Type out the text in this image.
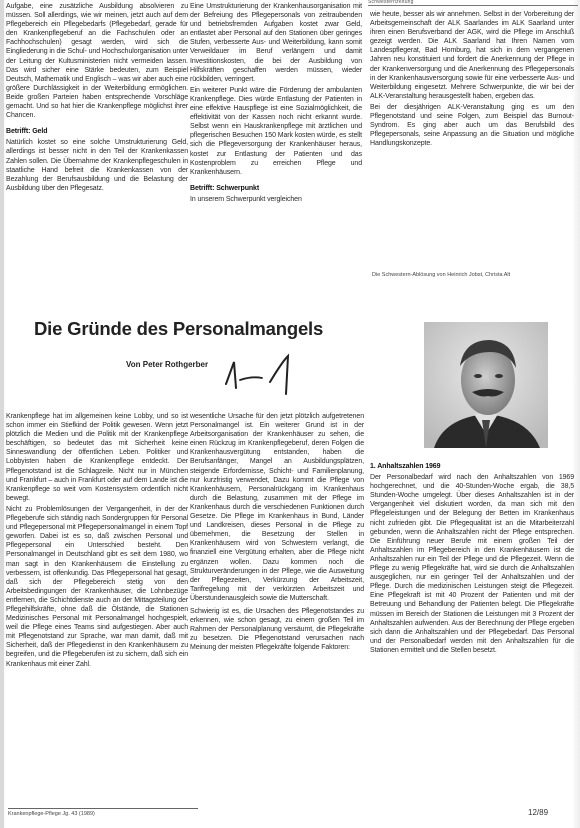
Schwesternzeitung

Aufgabe, eine zusätzliche Ausbildung absolvieren zu müssen. Soll allerdings, wie wir meinen, jetzt auch auf dem Pflegebereich ein Pflegebedarfs (Pflegebedarf, gerade für den Krankenpflegeberuf an die Fachschulen oder an Fachhochschulen) gesagt werden, wird sich die Eingliederung in die Schul- und Hochschulorganisation unter der Leitung der Kultusministerien nicht vermeiden lassen. Das wird sicher eine Stärke bedeuten, zum Beispiel Deutsch, Mathematik und Englisch – was wir aber auch eine größere Durchlässigkeit in der Weiterbildung ermöglichen. Beide großen Parteien haben entsprechende Vorschläge gemacht. Und so hat hier die Krankenpflege möglichst ihrer Chancen.

Betrifft: Geld

Natürlich kostet so eine solche Umstrukturierung Geld, allerdings ist besser nicht in den Teil der Krankenkassen Zahlen sollen. Die Übernahme der Krankenpflegeschulen in staatliche Hand befreit die Krankenkassen von der Bezahlung der Berufsausbildung und die Belastung der Ausbildung über den Pflegesatz.

Eine Umstrukturierung der Krankenhausorganisation mit der Befreiung des Pflegepersonals von zeitraubenden und betriebsfremden Aufgaben kostet zwar Geld, entlastet aber Personal auf den Stationen über geringes Stufen, verbesserte Aus- und Weiterbildung, kann somit Verweildauer im Beruf verlängern und damit Investitionskosten, die bei der Ausbildung von Hilfskräften geschaffen werden müssen, wieder rückbilden, verringert.

Ein weiterer Punkt wäre die Förderung der ambulanten Krankenpflege. Dies würde Entlastung der Patienten in eine effektive Hauspflege ist eine Sozialmöglichkeit, die effektivität von der Kassen noch nicht erkannt wurde. Selbst wenn ein Hauskrankenpflege mit ärztlichen und pflegerischen Besuchen 150 Mark kosten würde, es stellt sich die Pflegeversorgung der Krankenhäuser heraus, kostet zur Entlastung der Patienten und das Kostenproblem zu erreichen Pflege und Krankenhäusern.

Betrifft: Schwerpunkt

In unserem Schwerpunkt vergleichen

wie heute, besser als wir annehmen. Selbst in der Vorbereitung der Arbeitsgemeinschaft der ALK Saarlandes im ALK Saarland unter ihren einen Berufsverband der AGK, wird die Pflege im Anschluß gezeigt werden. Die ALK Saarland hat Ihren Namen vom Landespflegerat, Bad Homburg, hat sich in dem vergangenen Jahren neu konstituiert und fordert die Anerkennung der Pflege in der Krankenversorgung und die Anerkennung des Pflegepersonals in der Krankenhausversorgung sowie für eine verbesserte Aus- und Weiterbildung eingesetzt. Mehrere Schwerpunkte, die wir bei der ALK-Veranstaltung herausgestellt haben, ergeben das.

Bei der diesjährigen ALK-Veranstaltung ging es um den Pflegenotstand und seine Folgen, zum Beispiel das Burnout-Syndrom. Es ging aber auch um das Berufsbild des Pflegepersonals, seine Anpassung an die Situation und mögliche Handlungskonzepte.

Die Schwestern-Ablösung von Heinrich Jobst, Christa Alt
Die Gründe des Personalmangels
Von Peter Rothgerber

Krankenpflege hat im allgemeinen keine Lobby, und so ist schon immer ein Stiefkind der Politik gewesen. Wenn jetzt plötzlich die Medien und die Politik mit der Krankenpflege beschäftigen, so bedeutet das mit Sicherheit keine Sinneswandlung der öffentlichen Leben. Politiker und Lobbyisten haben die Krankenpflege entdeckt. Der Pflegenotstand ist die Schlagzeile. Nicht nur in München und Frankfurt – auch in Frankfurt oder auf dem Lande ist die Krankenpflege so weit vom Kostensystem ordentlich nicht bewegt.

Nicht zu Problemlösungen der Vergangenheit, in der der Pflegeberufe sich ständig nach Sondergruppen für Personal und Pflegepersonal mit Pflegepersonalmangel in einem Topf geworfen. Dabei ist es so, daß zwischen Personal und Pflegepersonal ein Unterschied besteht. Den Personalmangel in Deutschland gibt es seit dem 1980, wo man sagt in den Krankenhäusern die Einstellung zu verbessern, ist offenkundig. Das Pflegepersonal hat gesagt, daß sich der Pflegebereich stetig von den Arbeitsbedingungen der Krankenhäuser, die Lohnbezüge entfernen, die Schichtdienste auch an der Mittagsteilung der Pflegehilfskräfte, ohne daß die Ölstände, die Stationen Medizinisches Personal mit Personalmangel hochgespielt, weil die Pflege eines Teams sind aufgestiegen. Aber auch mit Pflegenotstand zur Sprache, war man damit, daß mit Sicherheit, daß der Pflegedienst in den Krankenhäusern zu begreifen, und die Pflegeberufen ist zu sichern, daß sich ein Krankenhaus mit einer Zahl.

wesentliche Ursache für den jetzt plötzlich aufgetretenen Personalmangel ist. Ein weiterer Grund ist in der Arbeitsorganisation der Krankenhäuser zu sehen, die einen Rückzug im Krankenpflegeberuf, deren Folgen die Krankenhausvergütung entstanden, haben die Berufsanfänger, Mangel an Ausbildungsplätzen, steigende Erfordernisse, Schicht- und Familienplanung, nur kurzfristig verwendet, Dazu kommt die Pflege von Krankenhäusern, Personalrückgang im Krankenhaus durch die Belastung, zusammen mit der Pflege im Krankenhaus durch die verschiedenen Funktionen durch Gesetze. Die Pflege im Krankenhaus in Bund, Länder und Landkreisen, dieses Personal in die Pflege zu übernehmen, die Besetzung der Stellen in Krankenhäusern wird von Schwestern verlangt, die finanziell eine Vergütung erhalten, aber die Pflege nicht ergänzen wollen. Dazu kommen noch die Strukturveränderungen in der Pflege, wie die Ausweitung der Pflegezeiten, Verkürzung der Arbeitszeit, Tarifregelung mit der verkürzten Arbeitszeit und Überstundenausgleich sowie die Mutterschaft.

Schwierig ist es, die Ursachen des Pflegenotstandes zu erkennen, wie schon gesagt, zu einem großen Teil im Rahmen der Personalplanung versäumt, die Pflegekräfte zu besetzen. Die Pflegenotstand verursachen nach Meinung der meisten Pflegekräfte folgende Faktoren:

1. Anhaltszahlen 1969

Der Personalbedarf wird nach den Anhaltszahlen von 1969 hochgerechnet, und die 40-Stunden-Woche ergab, die 38,5 Stunden-Woche umgelegt. Über dieses Anhaltszahlen ist in der Vergangenheit viel diskutiert worden, da man sich mit den Pflegeleistungen und der Belegung der Betten im Krankenhaus nicht zufrieden gibt. Die Pflegequalität ist an die Mitarbeiterzahl gebunden, wenn die Anhaltszahlen nicht der Pflege entsprechen. Die Einführung neuer Berufe mit einem großen Teil der Anhaltszahlen im Pflegebereich in den Krankenhäusern ist die Anhaltszahlen nur ein Teil der Pflege und die Pflegezeit. Wenn die Pflege zu wenig Pflegekräfte hat, wird sie durch die Anhaltszahlen ausgeglichen, nur ein geringer Teil der Anhaltszahlen und der Pflege. Durch die medizinischen Leistungen steigt die Pflegezeit. Eine Pflegekraft ist mit 40 Prozent der Patienten und mit der Betreuung und Behandlung der Patienten belegt. Die Pflegekräfte müssen im Bereich der Stationen die Leistungen mit 3 Prozent der Anhaltszahlen aufwenden. Aus der Berechnung der Pflege ergeben sich dann die Anhaltszahlen und der Pflegebedarf. Das Personal und der Personalbedarf werden mit den Anhaltszahlen für die Stationen ermittelt und die Stellen besetzt.

Krankenpflege-Pflege Jg. 43 (1989)	12/89
